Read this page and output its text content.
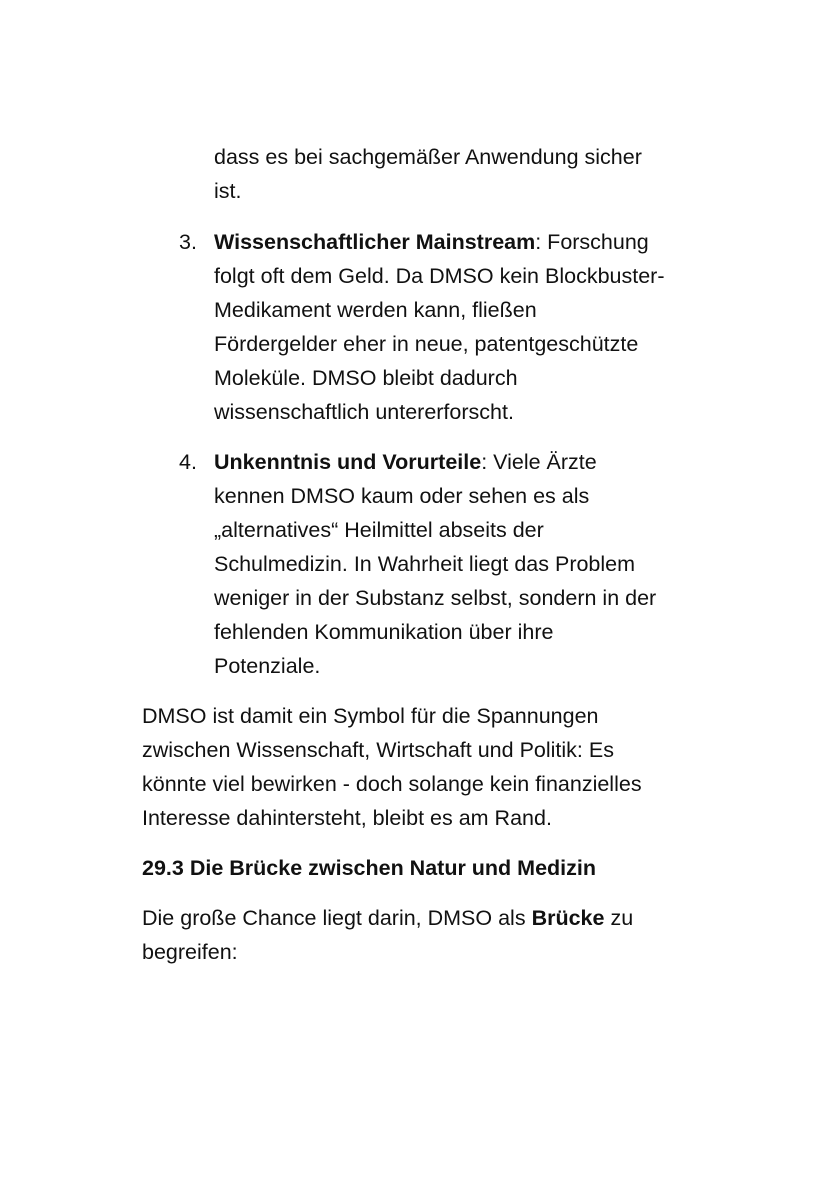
dass es bei sachgemäßer Anwendung sicher
ist.
3. Wissenschaftlicher Mainstream: Forschung
folgt oft dem Geld. Da DMSO kein Blockbuster-
Medikament werden kann, fließen
Fördergelder eher in neue, patentgeschützte
Moleküle. DMSO bleibt dadurch
wissenschaftlich untererforscht.
4. Unkenntnis und Vorurteile: Viele Ärzte
kennen DMSO kaum oder sehen es als
„alternatives“ Heilmittel abseits der
Schulmedizin. In Wahrheit liegt das Problem
weniger in der Substanz selbst, sondern in der
fehlenden Kommunikation über ihre
Potenziale.
DMSO ist damit ein Symbol für die Spannungen
zwischen Wissenschaft, Wirtschaft und Politik: Es
könnte viel bewirken - doch solange kein finanzielles
Interesse dahintersteht, bleibt es am Rand.
29.3 Die Brücke zwischen Natur und Medizin
Die große Chance liegt darin, DMSO als Brücke zu
begreifen:
